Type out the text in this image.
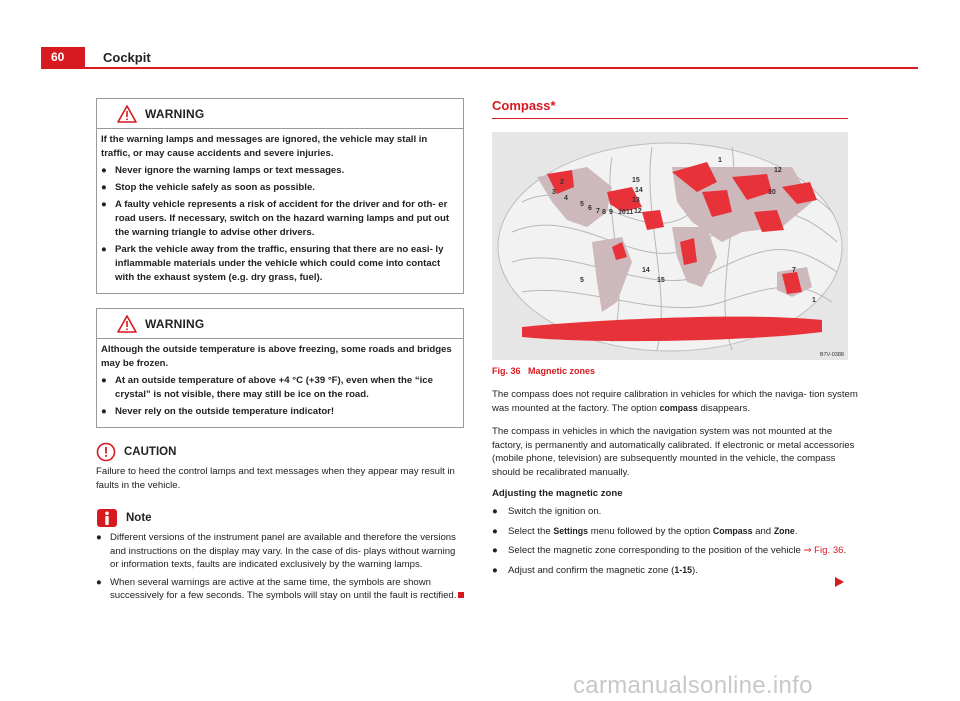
60	Cockpit
WARNING

If the warning lamps and messages are ignored, the vehicle may stall in traffic, or may cause accidents and severe injuries.

● Never ignore the warning lamps or text messages.
● Stop the vehicle safely as soon as possible.
● A faulty vehicle represents a risk of accident for the driver and for oth- er road users. If necessary, switch on the hazard warning lamps and put out the warning triangle to advise other drivers.
● Park the vehicle away from the traffic, ensuring that there are no easi- ly inflammable materials under the vehicle which could come into contact with the exhaust system (e.g. dry grass, fuel).
WARNING

Although the outside temperature is above freezing, some roads and bridges may be frozen.

● At an outside temperature of above +4 °C (+39 °F), even when the “ice crystal” is not visible, there may still be ice on the road.
● Never rely on the outside temperature indicator!
CAUTION
Failure to heed the control lamps and text messages when they appear may result in faults in the vehicle.
Note
● Different versions of the instrument panel are available and therefore the versions and instructions on the display may vary. In the case of dis- plays without warning or information texts, faults are indicated exclusively by the warning lamps.
● When several warnings are active at the same time, the symbols are shown successively for a few seconds. The symbols will stay on until the fault is rectified.
Compass*
2
3
4
5
6 7 8 9 10 11 12
13
14
15
1
12
10
14
15
5
7
1
B7V-0388
Fig. 36 Magnetic zones

The compass does not require calibration in vehicles for which the naviga- tion system was mounted at the factory. The option compass disappears.

The compass in vehicles in which the navigation system was not mounted at the factory, is permanently and automatically calibrated. If electronic or metal accessories (mobile phone, television) are subsequently mounted in the vehicle, the compass should be recalibrated manually.

Adjusting the magnetic zone
●	Switch the ignition on.
●	Select the Settings menu followed by the option Compass and Zone.
●	Select the magnetic zone corresponding to the position of the vehicle ⇒ Fig. 36.
●	Adjust and confirm the magnetic zone (1-15).
carmanualsonline.info
